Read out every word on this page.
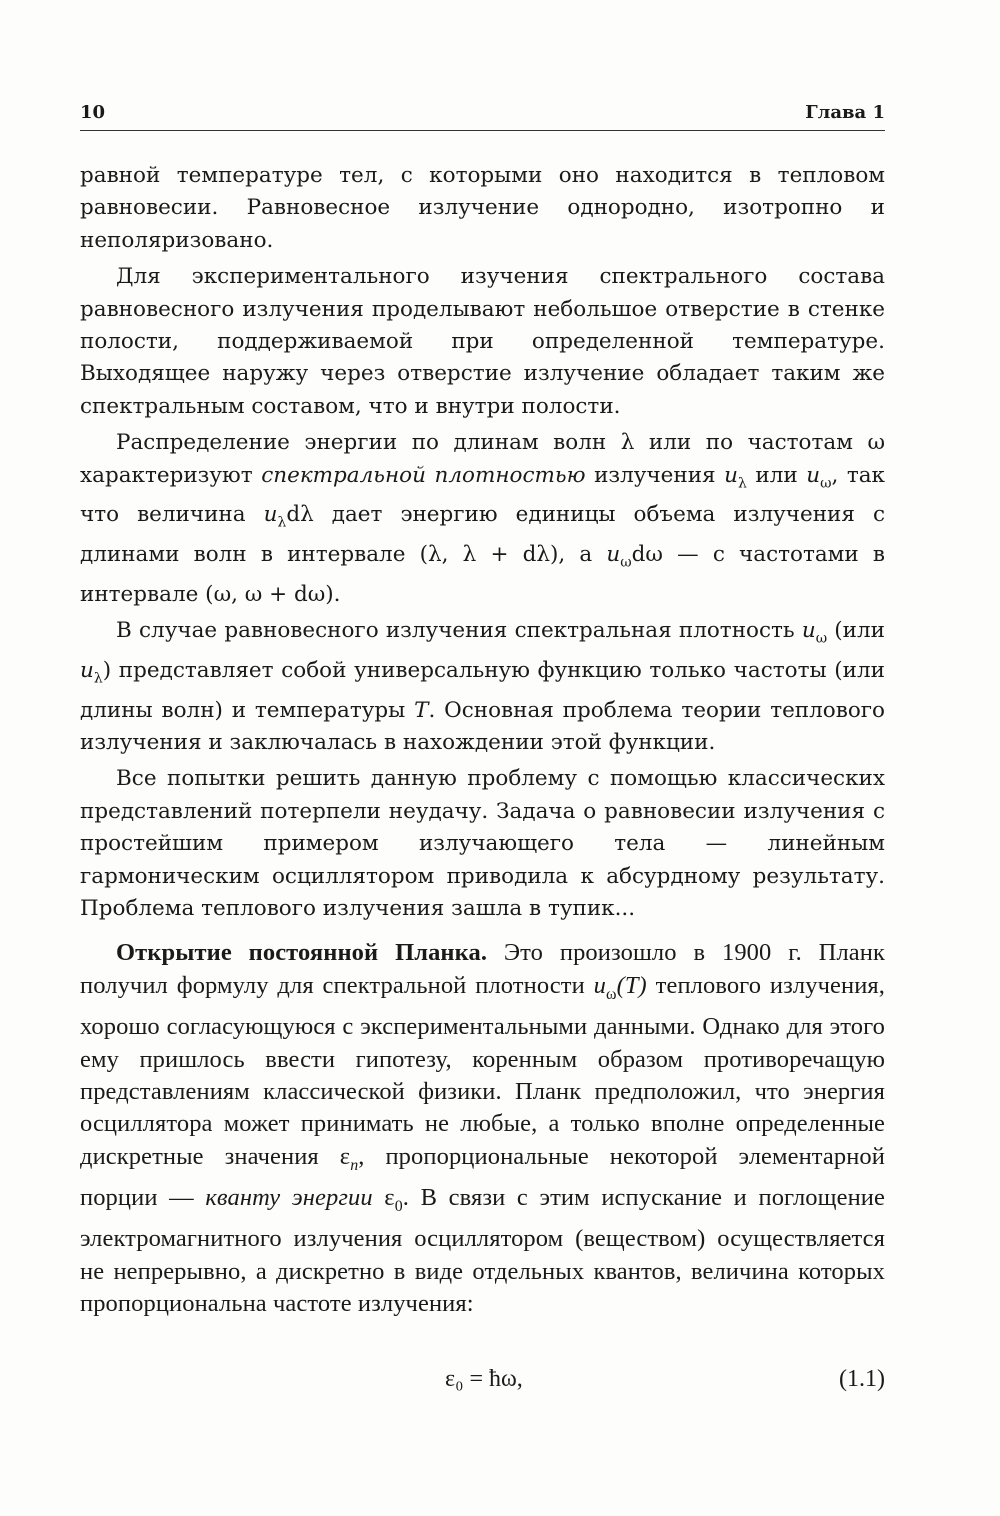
10	Глава 1

равной температуре тел, с которыми оно находится в тепловом равновесии. Равновесное излучение однородно, изотропно и неполяризовано.

Для экспериментального изучения спектрального состава равновесного излучения проделывают небольшое отверстие в стенке полости, поддерживаемой при определенной температуре. Выходящее наружу через отверстие излучение обладает таким же спектральным составом, что и внутри полости.

Распределение энергии по длинам волн λ или по частотам ω характеризуют спектральной плотностью излучения $u_\lambda$ или $u_\omega$, так что величина $u_\lambda d\lambda$ дает энергию единицы объема излучения с длинами волн в интервале (λ, λ + dλ), а $u_\omega d\omega$ — с частотами в интервале (ω, ω + dω).

В случае равновесного излучения спектральная плотность $u_\omega$ (или $u_\lambda$) представляет собой универсальную функцию только частоты (или длины волн) и температуры T. Основная проблема теории теплового излучения и заключалась в нахождении этой функции.

Все попытки решить данную проблему с помощью классических представлений потерпели неудачу. Задача о равновесии излучения с простейшим примером излучающего тела — линейным гармоническим осциллятором приводила к абсурдному результату. Проблема теплового излучения зашла в тупик...

Открытие постоянной Планка. Это произошло в 1900 г. Планк получил формулу для спектральной плотности $u_\omega(T)$ теплового излучения, хорошо согласующуюся с экспериментальными данными. Однако для этого ему пришлось ввести гипотезу, коренным образом противоречащую представлениям классической физики. Планк предположил, что энергия осциллятора может принимать не любые, а только вполне определенные дискретные значения $\varepsilon_n$, пропорциональные некоторой элементарной порции — кванту энергии $\varepsilon_0$. В связи с этим испускание и поглощение электромагнитного излучения осциллятором (веществом) осуществляется не непрерывно, а дискретно в виде отдельных квантов, величина которых пропорциональна частоте излучения:

ε₀ = ħω,	(1.1)
